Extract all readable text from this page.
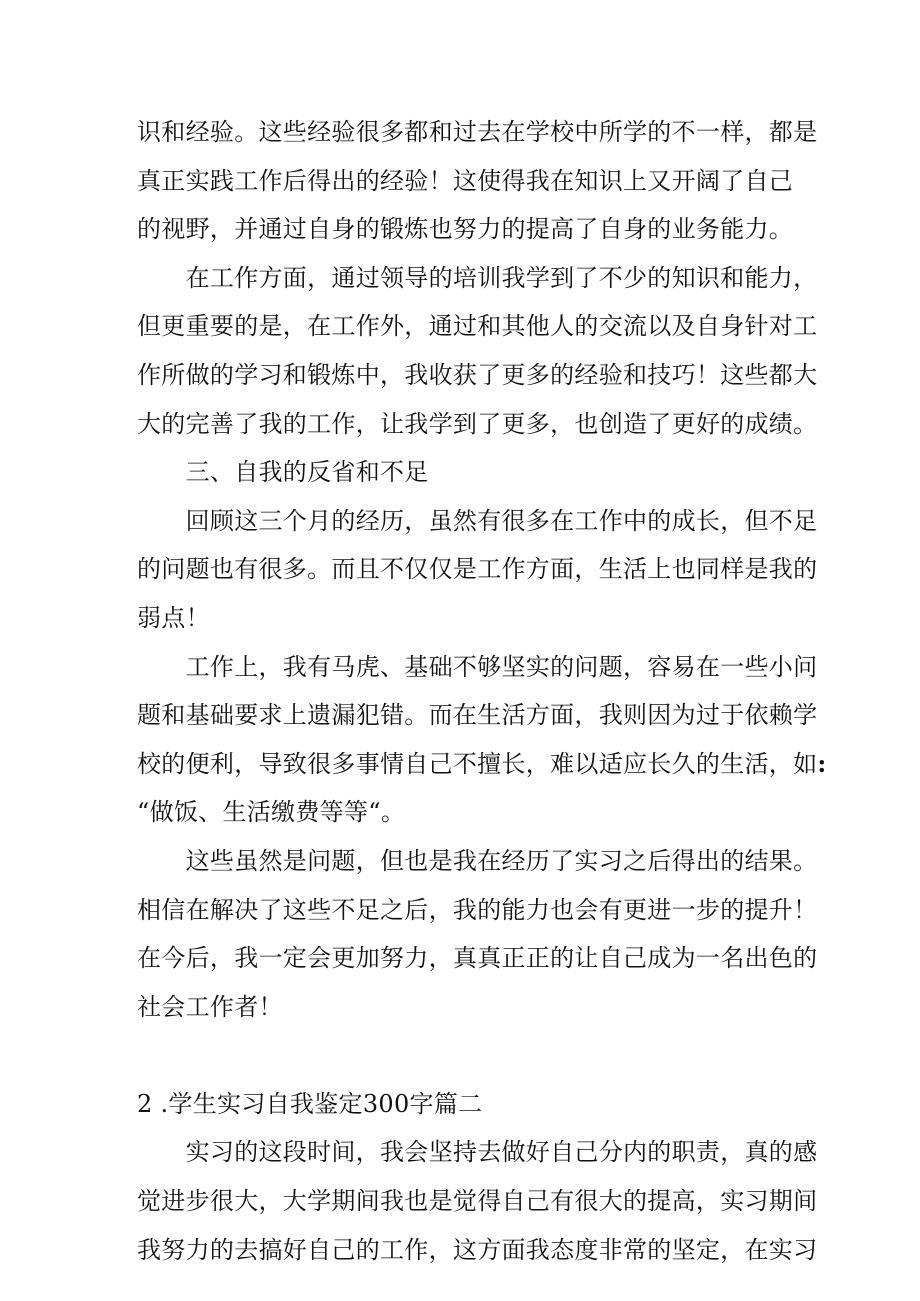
识和经验。这些经验很多都和过去在学校中所学的不一样，都是
真正实践工作后得出的经验！这使得我在知识上又开阔了自己
的视野，并通过自身的锻炼也努力的提高了自身的业务能力。
在工作方面，通过领导的培训我学到了不少的知识和能力，
但更重要的是，在工作外，通过和其他人的交流以及自身针对工
作所做的学习和锻炼中，我收获了更多的经验和技巧！这些都大
大的完善了我的工作，让我学到了更多，也创造了更好的成绩。
三、自我的反省和不足
回顾这三个月的经历，虽然有很多在工作中的成长，但不足
的问题也有很多。而且不仅仅是工作方面，生活上也同样是我的
弱点！
工作上，我有马虎、基础不够坚实的问题，容易在一些小问
题和基础要求上遗漏犯错。而在生活方面，我则因为过于依赖学
校的便利，导致很多事情自己不擅长，难以适应长久的生活，如:
“做饭、生活缴费等等“。
这些虽然是问题，但也是我在经历了实习之后得出的结果。
相信在解决了这些不足之后，我的能力也会有更进一步的提升！
在今后，我一定会更加努力，真真正正的让自己成为一名出色的
社会工作者！
2 .学生实习自我鉴定300字篇二
实习的这段时间，我会坚持去做好自己分内的职责，真的感
觉进步很大，大学期间我也是觉得自己有很大的提高，实习期间
我努力的去搞好自己的工作，这方面我态度非常的坚定，在实习
